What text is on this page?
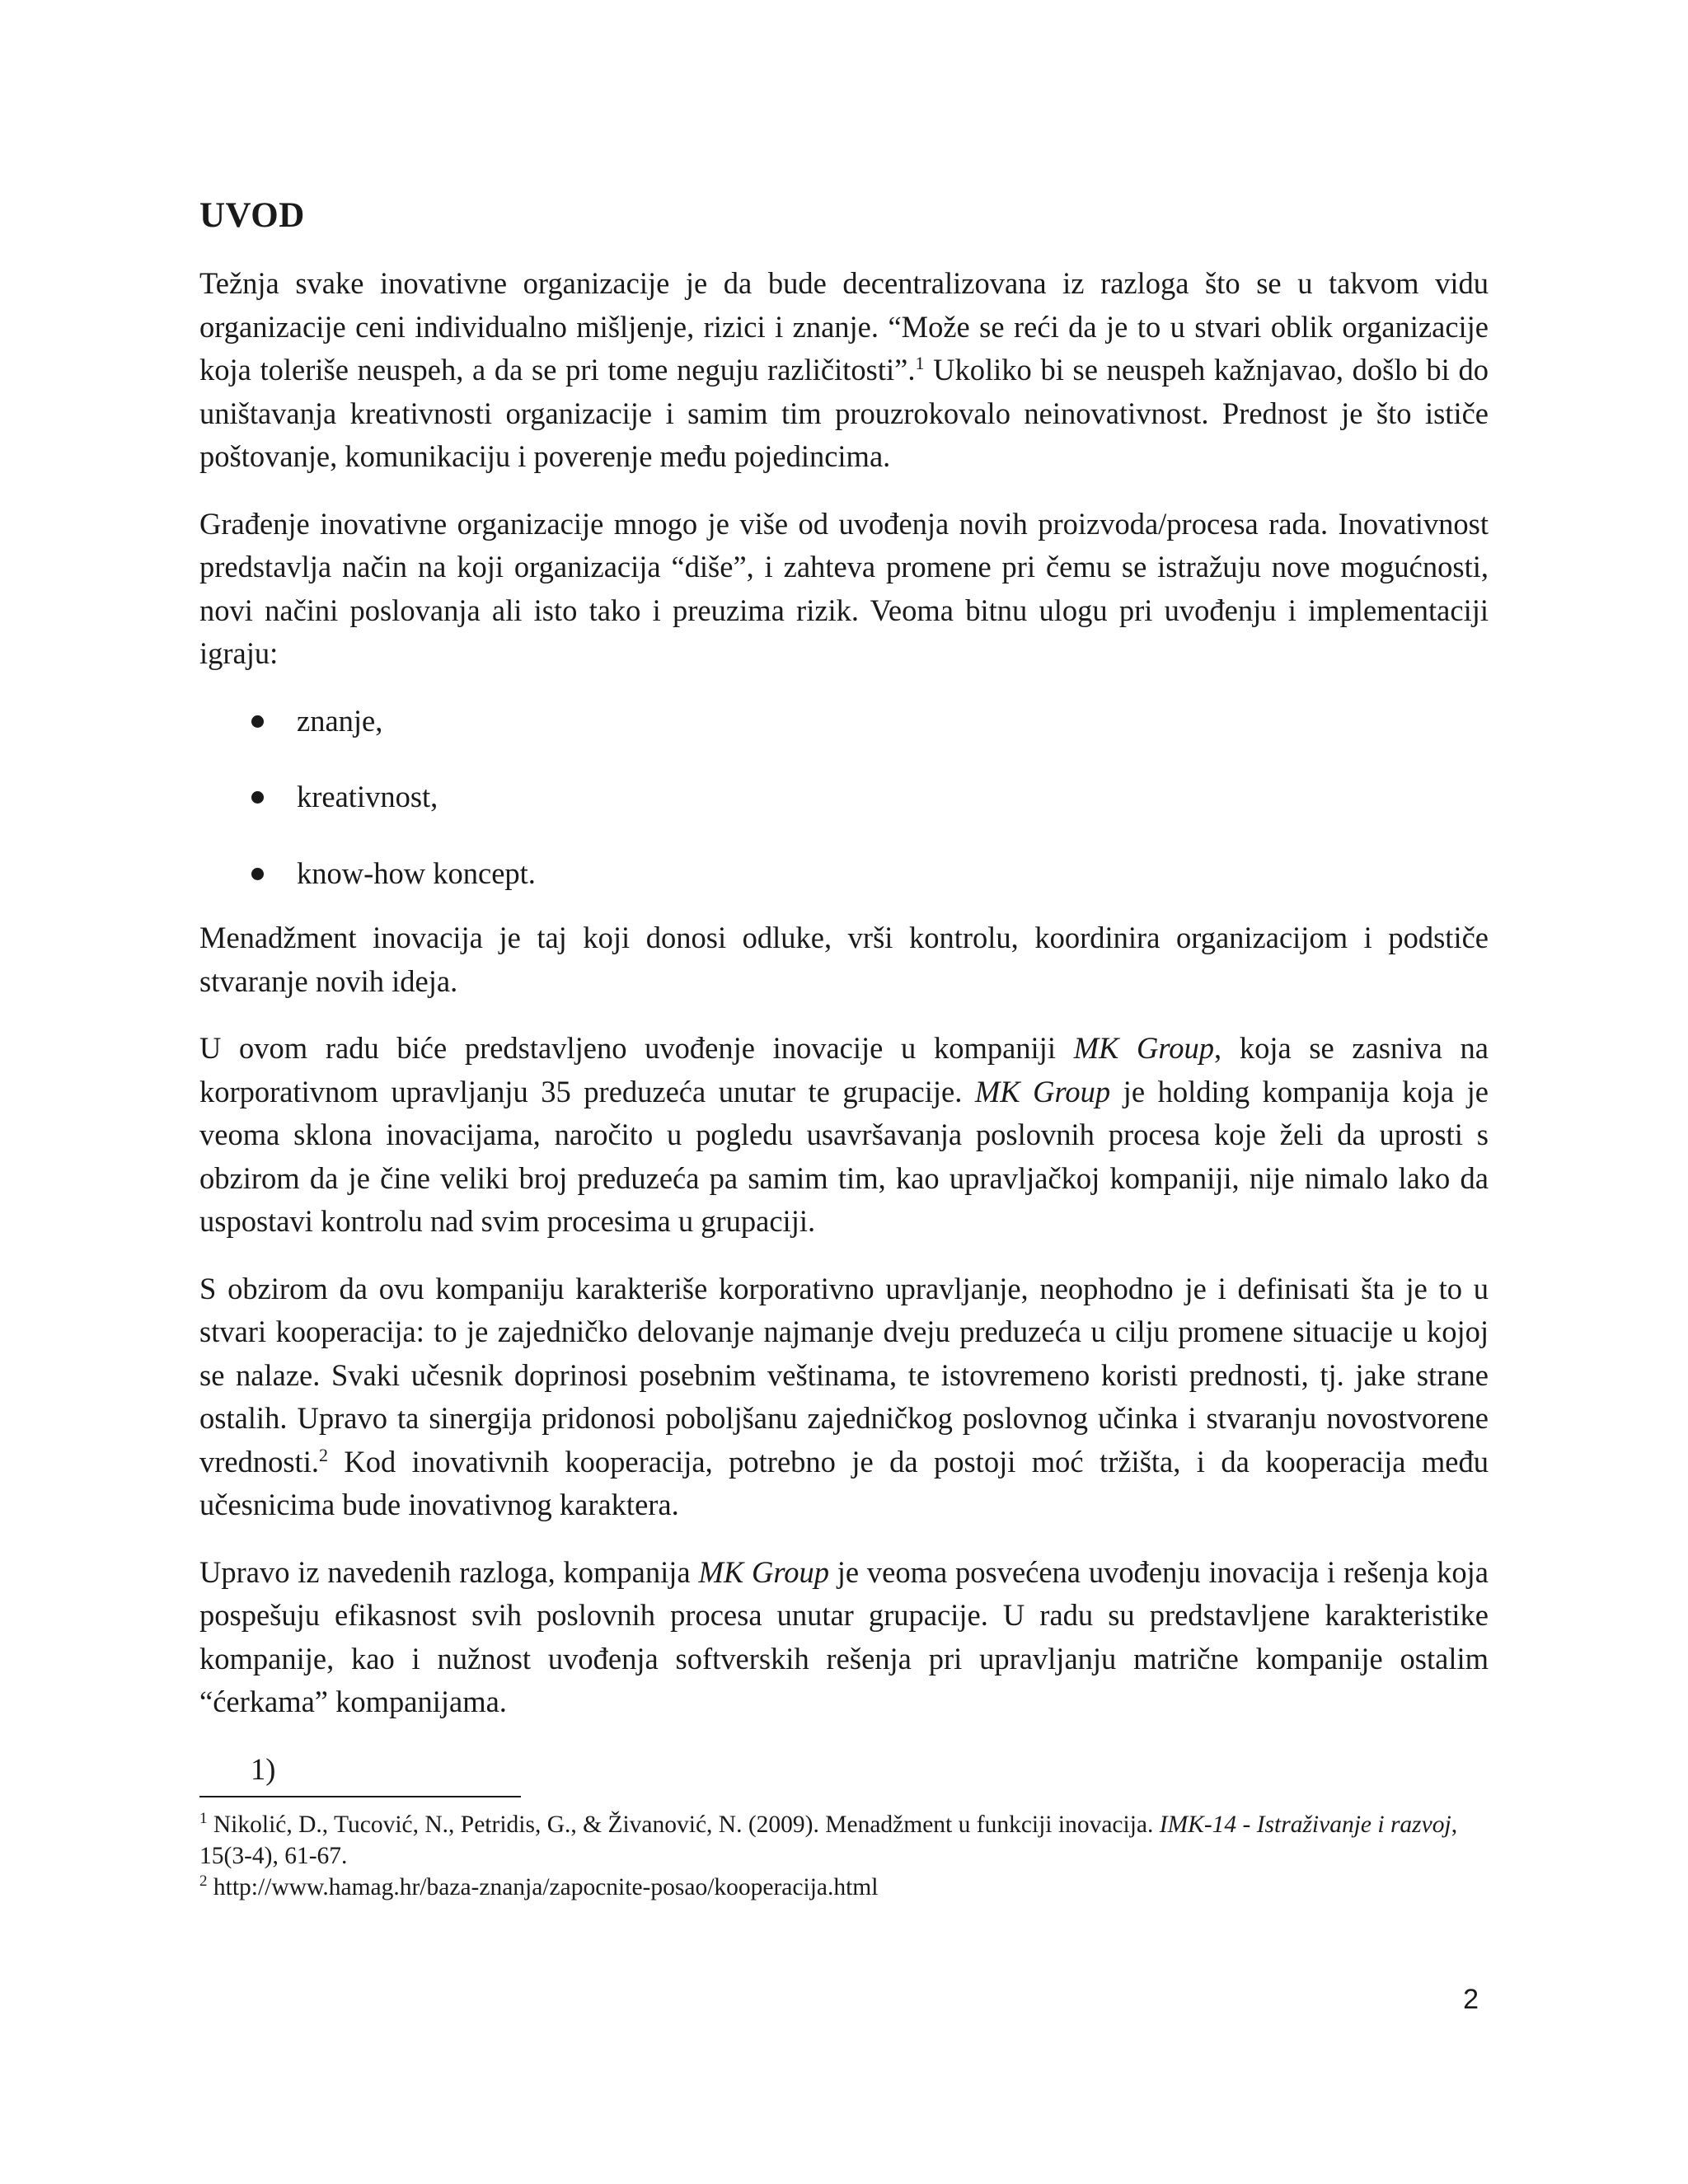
UVOD

Težnja svake inovativne organizacije je da bude decentralizovana iz razloga što se u takvom vidu organizacije ceni individualno mišljenje, rizici i znanje. “Može se reći da je to u stvari oblik organizacije koja toleriše neuspeh, a da se pri tome neguju različitosti”.$^1$ Ukoliko bi se neuspeh kažnjavao, došlo bi do uništavanja kreativnosti organizacije i samim tim prouzrokovalo neinovativnost. Prednost je što ističe poštovanje, komunikaciju i poverenje među pojedincima.

Građenje inovativne organizacije mnogo je više od uvođenja novih proizvoda/procesa rada. Inovativnost predstavlja način na koji organizacija “diše”, i zahteva promene pri čemu se istražuju nove mogućnosti, novi načini poslovanja ali isto tako i preuzima rizik. Veoma bitnu ulogu pri uvođenju i implementaciji igraju:

znanje,
kreativnost,
know-how koncept.

Menadžment inovacija je taj koji donosi odluke, vrši kontrolu, koordinira organizacijom i podstiče stvaranje novih ideja.

U ovom radu biće predstavljeno uvođenje inovacije u kompaniji MK Group, koja se zasniva na korporativnom upravljanju 35 preduzeća unutar te grupacije. MK Group je holding kompanija koja je veoma sklona inovacijama, naročito u pogledu usavršavanja poslovnih procesa koje želi da uprosti s obzirom da je čine veliki broj preduzeća pa samim tim, kao upravljačkoj kompaniji, nije nimalo lako da uspostavi kontrolu nad svim procesima u grupaciji.

S obzirom da ovu kompaniju karakteriše korporativno upravljanje, neophodno je i definisati šta je to u stvari kooperacija: to je zajedničko delovanje najmanje dveju preduzeća u cilju promene situacije u kojoj se nalaze. Svaki učesnik doprinosi posebnim veštinama, te istovremeno koristi prednosti, tj. jake strane ostalih. Upravo ta sinergija pridonosi poboljšanu zajedničkog poslovnog učinka i stvaranju novostvorene vrednosti.$^2$ Kod inovativnih kooperacija, potrebno je da postoji moć tržišta, i da kooperacija među učesnicima bude inovativnog karaktera.

Upravo iz navedenih razloga, kompanija MK Group je veoma posvećena uvođenju inovacija i rešenja koja pospešuju efikasnost svih poslovnih procesa unutar grupacije. U radu su predstavljene karakteristike kompanije, kao i nužnost uvođenja softverskih rešenja pri upravljanju matrične kompanije ostalim “ćerkama” kompanijama.

1)

$^1$ Nikolić, D., Tucović, N., Petridis, G., & Živanović, N. (2009). Menadžment u funkciji inovacija. IMK-14 - Istraživanje i razvoj, 15(3-4), 61-67.

$^2$ http://www.hamag.hr/baza-znanja/zapocnite-posao/kooperacija.html

2
